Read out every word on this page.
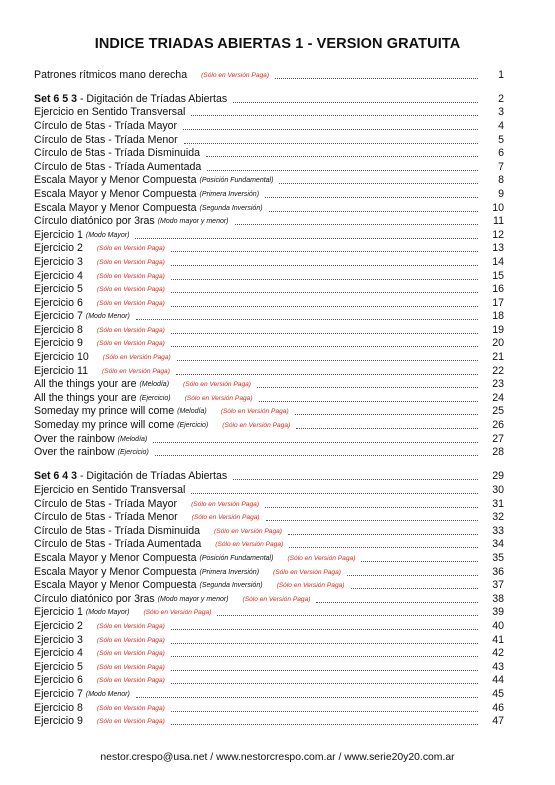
INDICE TRIADAS ABIERTAS 1 - VERSION GRATUITA
Patrones rítmicos mano derecha (Sólo en Versión Paga)	1
Set 6 5 3 - Digitación de Tríadas Abiertas	2
Ejercicio en Sentido Transversal	3
Círculo de 5tas - Tríada Mayor	4
Círculo de 5tas - Tríada Menor	5
Círculo de 5tas - Tríada Disminuida	6
Círculo de 5tas - Tríada Aumentada	7
Escala Mayor y Menor Compuesta (Posición Fundamental)	8
Escala Mayor y Menor Compuesta (Primera Inversión)	9
Escala Mayor y Menor Compuesta (Segunda Inversión)	10
Círculo diatónico por 3ras (Modo mayor y menor)	11
Ejercicio 1 (Modo Mayor)	12
Ejercicio 2 (Sólo en Versión Paga)	13
Ejercicio 3 (Sólo en Versión Paga)	14
Ejercicio 4 (Sólo en Versión Paga)	15
Ejercicio 5 (Sólo en Versión Paga)	16
Ejercicio 6 (Sólo en Versión Paga)	17
Ejercicio 7 (Modo Menor)	18
Ejercicio 8 (Sólo en Versión Paga)	19
Ejercicio 9 (Sólo en Versión Paga)	20
Ejercicio 10 (Sólo en Versión Paga)	21
Ejercicio 11 (Sólo en Versión Paga)	22
All the things your are (Melodía) (Sólo en Versión Paga)	23
All the things your are (Ejercicio) (Sólo en Versión Paga)	24
Someday my prince will come (Melodía) (Sólo en Versión Paga)	25
Someday my prince will come (Ejercicio) (Sólo en Versión Paga)	26
Over the rainbow (Melodía)	27
Over the rainbow (Ejercicio)	28
Set 6 4 3 - Digitación de Tríadas Abiertas	29
Ejercicio en Sentido Transversal	30
Círculo de 5tas - Tríada Mayor (Sólo en Versión Paga)	31
Círculo de 5tas - Tríada Menor (Sólo en Versión Paga)	32
Círculo de 5tas - Tríada Disminuida (Sólo en Versión Paga)	33
Círculo de 5tas - Tríada Aumentada (Sólo en Versión Paga)	34
Escala Mayor y Menor Compuesta (Posición Fundamental) (Sólo en Versión Paga)	35
Escala Mayor y Menor Compuesta (Primera Inversión) (Sólo en Versión Paga)	36
Escala Mayor y Menor Compuesta (Segunda Inversión) (Sólo en Versión Paga)	37
Círculo diatónico por 3ras (Modo mayor y menor) (Sólo en Versión Paga)	38
Ejercicio 1 (Modo Mayor) (Sólo en Versión Paga)	39
Ejercicio 2 (Sólo en Versión Paga)	40
Ejercicio 3 (Sólo en Versión Paga)	41
Ejercicio 4 (Sólo en Versión Paga)	42
Ejercicio 5 (Sólo en Versión Paga)	43
Ejercicio 6 (Sólo en Versión Paga)	44
Ejercicio 7 (Modo Menor)	45
Ejercicio 8 (Sólo en Versión Paga)	46
Ejercicio 9 (Sólo en Versión Paga)	47
nestor.crespo@usa.net / www.nestorcrespo.com.ar / www.serie20y20.com.ar
